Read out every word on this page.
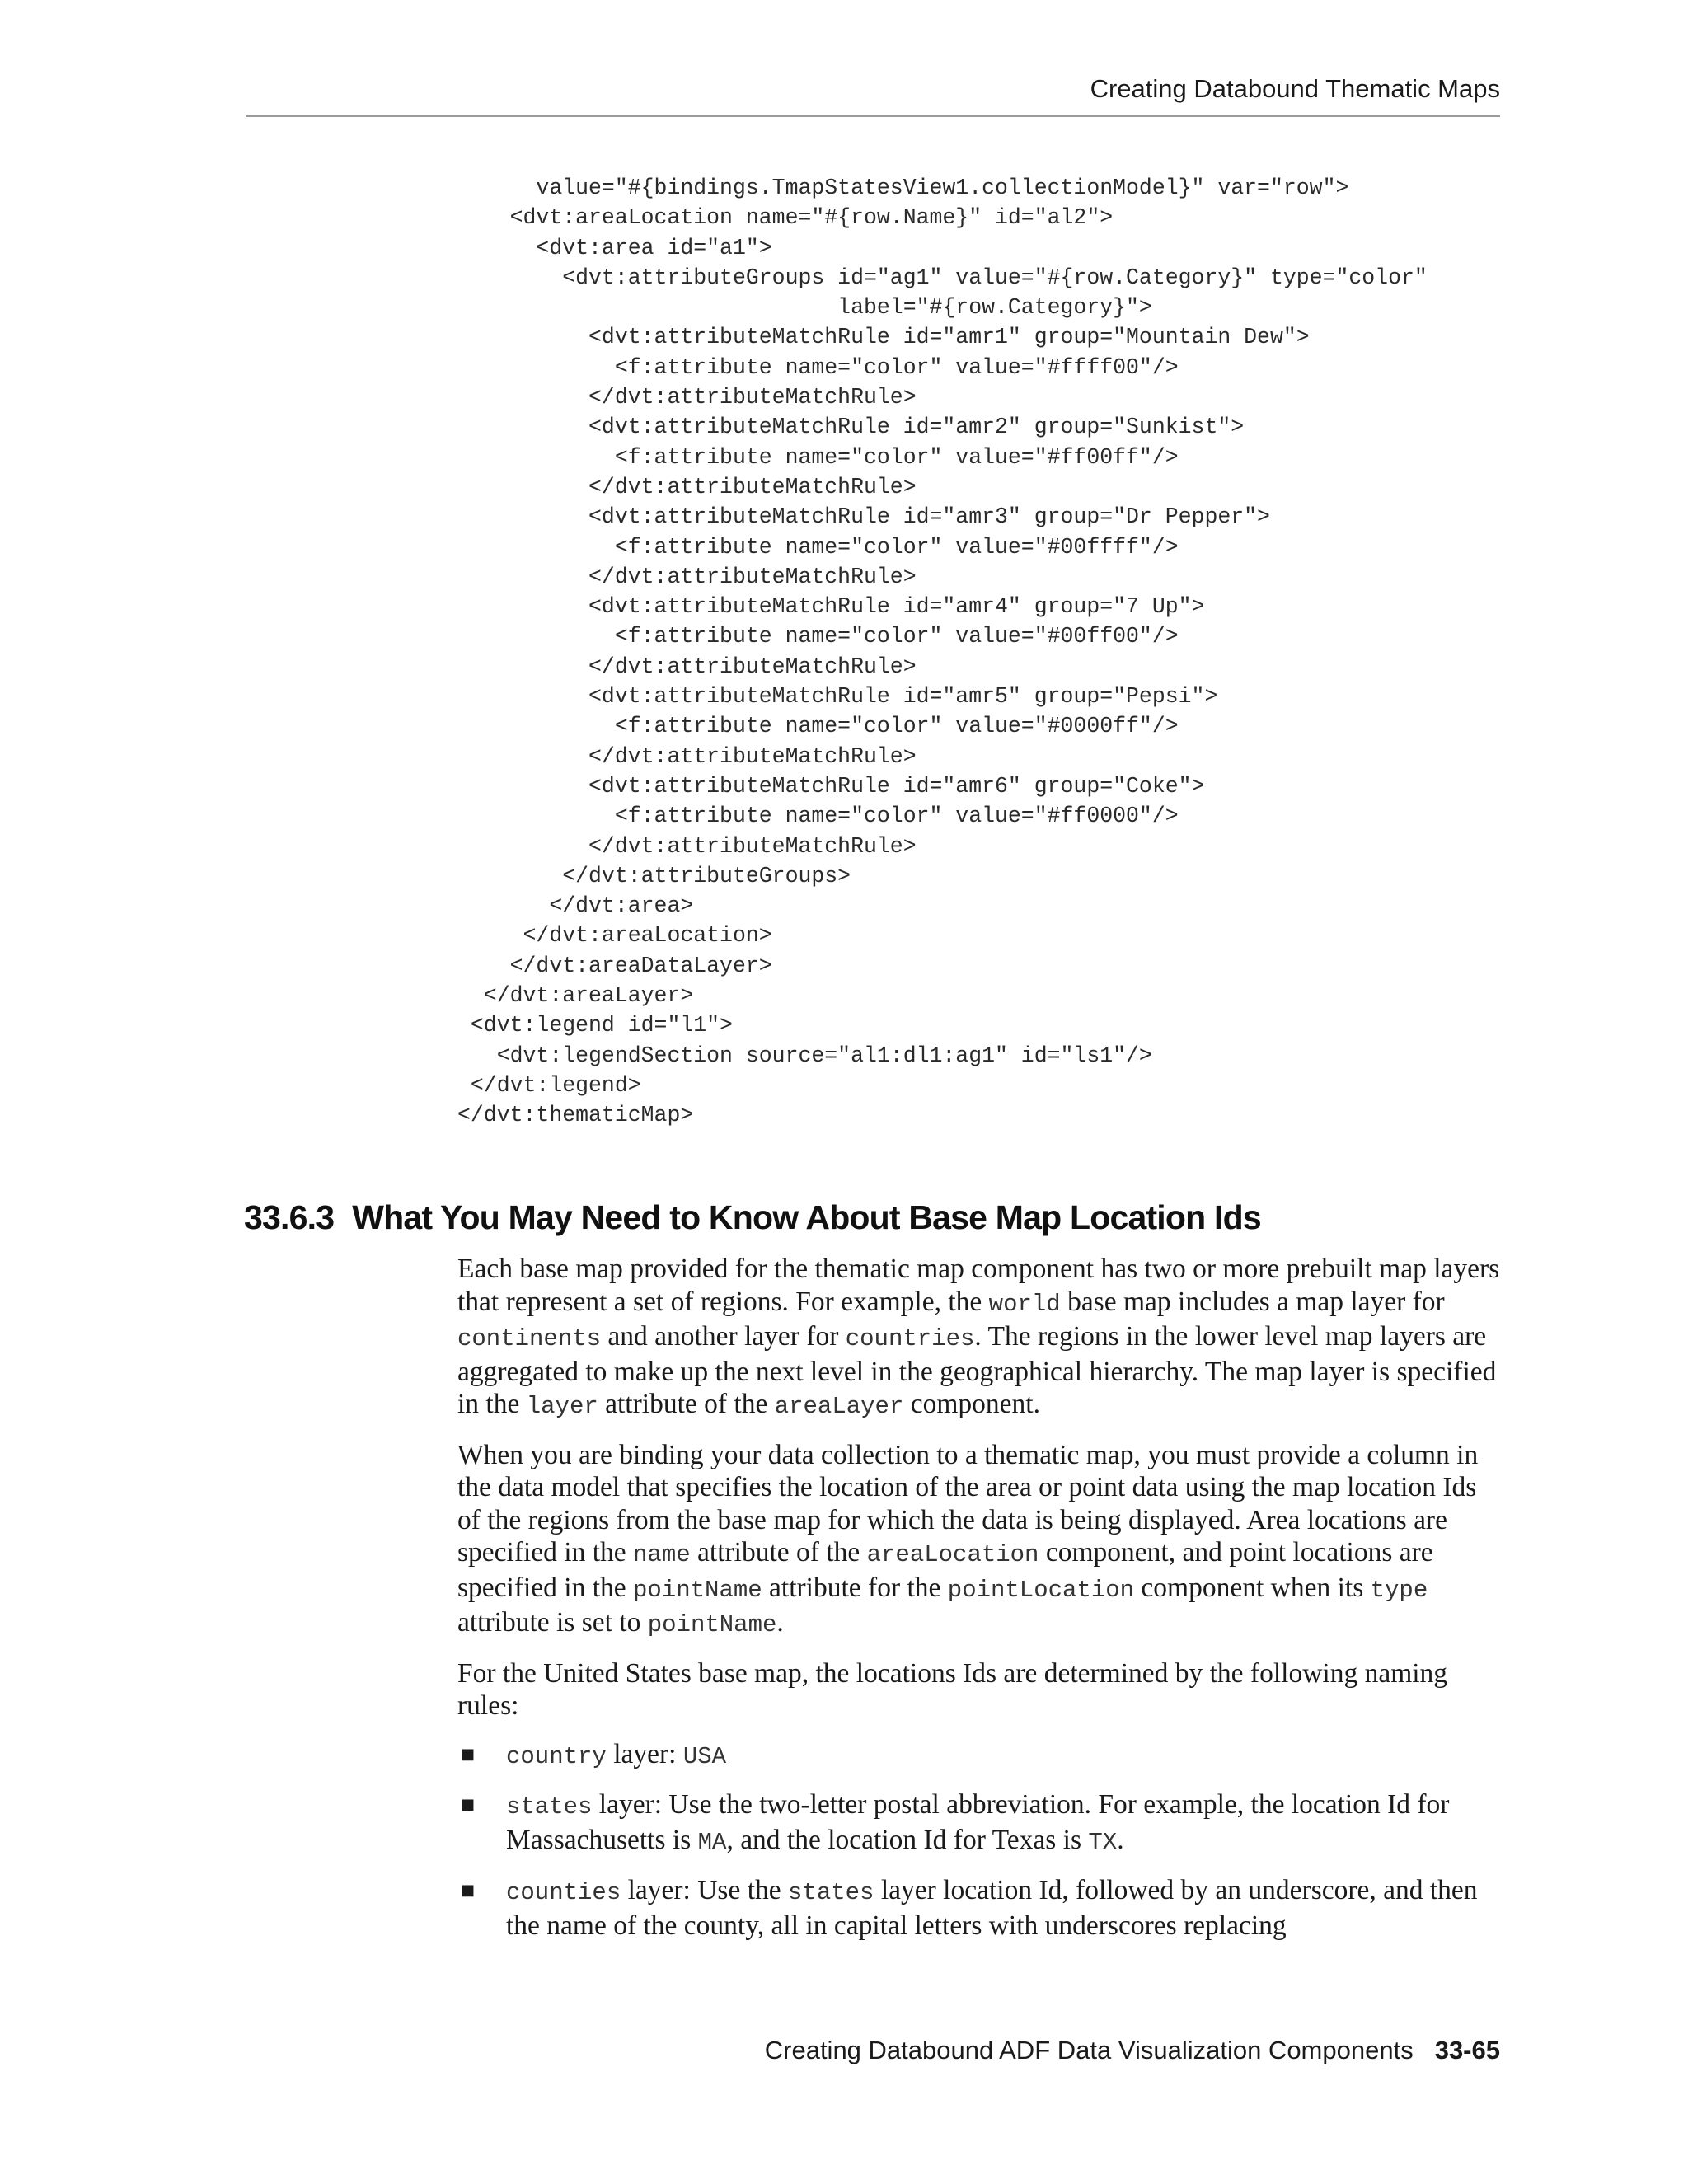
Creating Databound Thematic Maps
value="#{bindings.TmapStatesView1.collectionModel}" var="row">
<dvt:areaLocation name="#{row.Name}" id="al2">
<dvt:area id="a1">
<dvt:attributeGroups id="ag1" value="#{row.Category}" type="color"
label="#{row.Category}">
<dvt:attributeMatchRule id="amr1" group="Mountain Dew">
<f:attribute name="color" value="#ffff00"/>
</dvt:attributeMatchRule>
<dvt:attributeMatchRule id="amr2" group="Sunkist">
<f:attribute name="color" value="#ff00ff"/>
</dvt:attributeMatchRule>
<dvt:attributeMatchRule id="amr3" group="Dr Pepper">
<f:attribute name="color" value="#00ffff"/>
</dvt:attributeMatchRule>
<dvt:attributeMatchRule id="amr4" group="7 Up">
<f:attribute name="color" value="#00ff00"/>
</dvt:attributeMatchRule>
<dvt:attributeMatchRule id="amr5" group="Pepsi">
<f:attribute name="color" value="#0000ff"/>
</dvt:attributeMatchRule>
<dvt:attributeMatchRule id="amr6" group="Coke">
<f:attribute name="color" value="#ff0000"/>
</dvt:attributeMatchRule>
</dvt:attributeGroups>
</dvt:area>
</dvt:areaLocation>
</dvt:areaDataLayer>
</dvt:areaLayer>
<dvt:legend id="l1">
<dvt:legendSection source="al1:dl1:ag1" id="ls1"/>
</dvt:legend>
</dvt:thematicMap>
33.6.3 What You May Need to Know About Base Map Location Ids

Each base map provided for the thematic map component has two or more prebuilt map layers that represent a set of regions. For example, the world base map includes a map layer for continents and another layer for countries. The regions in the lower level map layers are aggregated to make up the next level in the geographical hierarchy. The map layer is specified in the layer attribute of the areaLayer component.

When you are binding your data collection to a thematic map, you must provide a column in the data model that specifies the location of the area or point data using the map location Ids of the regions from the base map for which the data is being displayed. Area locations are specified in the name attribute of the areaLocation component, and point locations are specified in the pointName attribute for the pointLocation component when its type attribute is set to pointName.

For the United States base map, the locations Ids are determined by the following naming rules:

■ country layer: USA
■ states layer: Use the two-letter postal abbreviation. For example, the location Id for Massachusetts is MA, and the location Id for Texas is TX.
■ counties layer: Use the states layer location Id, followed by an underscore, and then the name of the county, all in capital letters with underscores replacing
Creating Databound ADF Data Visualization Components 33-65
